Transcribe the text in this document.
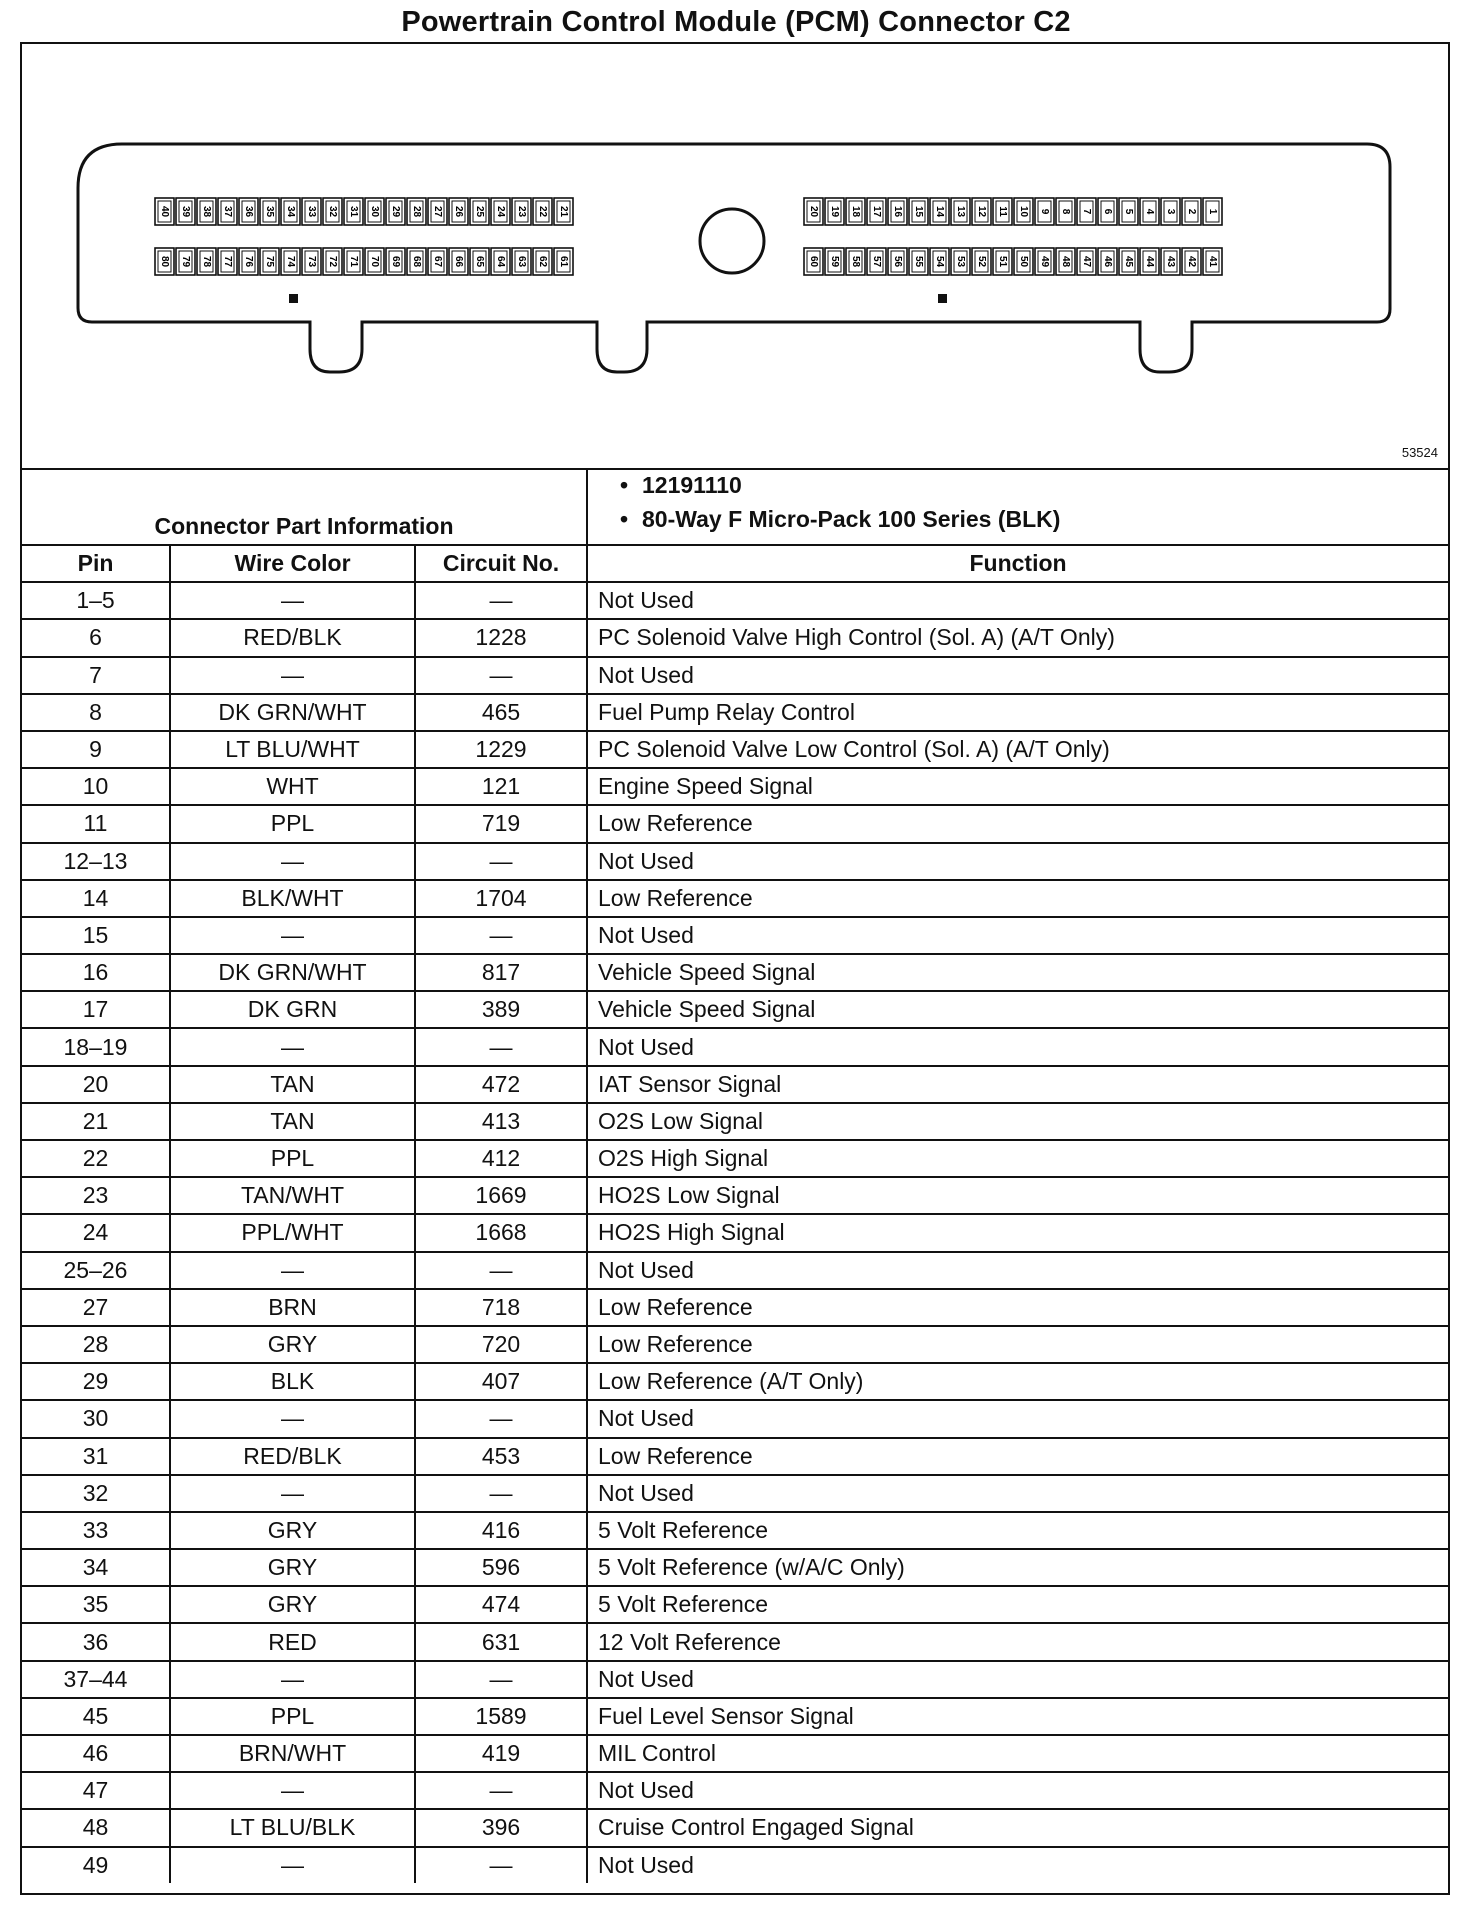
Powertrain Control Module (PCM) Connector C2
40 39 38 37 36 35 34 33 32 31 30 29 28 27 26 25 24 23 22 21
80 79 78 77 76 75 74 73 72 71 70 69 68 67 66 65 64 63 62 61
20 19 18 17 16 15 14 13 12 11 10 9 8 7 6 5 4 3 2 1
60 59 58 57 56 55 54 53 52 51 50 49 48 47 46 45 44 43 42 41
53524
Connector Part Information			• 12191110
• 80-Way F Micro-Pack 100 Series (BLK)

Pin	Wire Color	Circuit No.	Function
1–5	—	—	Not Used
6	RED/BLK	1228	PC Solenoid Valve High Control (Sol. A) (A/T Only)
7	—	—	Not Used
8	DK GRN/WHT	465	Fuel Pump Relay Control
9	LT BLU/WHT	1229	PC Solenoid Valve Low Control (Sol. A) (A/T Only)
10	WHT	121	Engine Speed Signal
11	PPL	719	Low Reference
12–13	—	—	Not Used
14	BLK/WHT	1704	Low Reference
15	—	—	Not Used
16	DK GRN/WHT	817	Vehicle Speed Signal
17	DK GRN	389	Vehicle Speed Signal
18–19	—	—	Not Used
20	TAN	472	IAT Sensor Signal
21	TAN	413	O2S Low Signal
22	PPL	412	O2S High Signal
23	TAN/WHT	1669	HO2S Low Signal
24	PPL/WHT	1668	HO2S High Signal
25–26	—	—	Not Used
27	BRN	718	Low Reference
28	GRY	720	Low Reference
29	BLK	407	Low Reference (A/T Only)
30	—	—	Not Used
31	RED/BLK	453	Low Reference
32	—	—	Not Used
33	GRY	416	5 Volt Reference
34	GRY	596	5 Volt Reference (w/A/C Only)
35	GRY	474	5 Volt Reference
36	RED	631	12 Volt Reference
37–44	—	—	Not Used
45	PPL	1589	Fuel Level Sensor Signal
46	BRN/WHT	419	MIL Control
47	—	—	Not Used
48	LT BLU/BLK	396	Cruise Control Engaged Signal
49	—	—	Not Used
